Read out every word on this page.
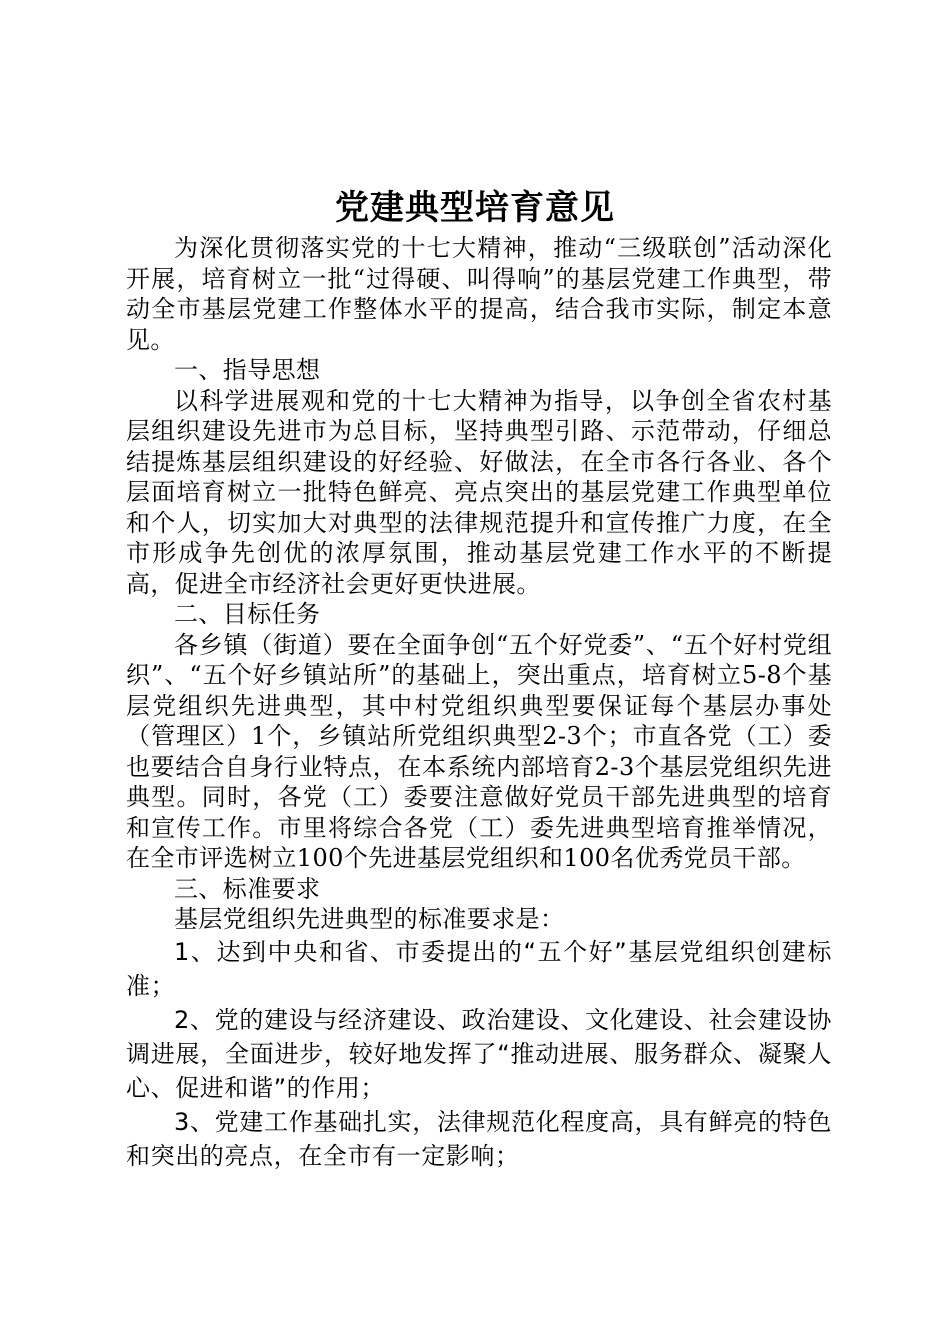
党建典型培育意见

为深化贯彻落实党的十七大精神，推动“三级联创”活动深化开展，培育树立一批“过得硬、叫得响”的基层党建工作典型，带动全市基层党建工作整体水平的提高，结合我市实际，制定本意见。

一、指导思想

以科学进展观和党的十七大精神为指导，以争创全省农村基层组织建设先进市为总目标，坚持典型引路、示范带动，仔细总结提炼基层组织建设的好经验、好做法，在全市各行各业、各个层面培育树立一批特色鲜亮、亮点突出的基层党建工作典型单位和个人，切实加大对典型的法律规范提升和宣传推广力度，在全市形成争先创优的浓厚氛围，推动基层党建工作水平的不断提高，促进全市经济社会更好更快进展。

二、目标任务

各乡镇（街道）要在全面争创“五个好党委”、“五个好村党组织”、“五个好乡镇站所”的基础上，突出重点，培育树立5-8个基层党组织先进典型，其中村党组织典型要保证每个基层办事处（管理区）1个，乡镇站所党组织典型2-3个；市直各党（工）委也要结合自身行业特点，在本系统内部培育2-3个基层党组织先进典型。同时，各党（工）委要注意做好党员干部先进典型的培育和宣传工作。市里将综合各党（工）委先进典型培育推举情况，在全市评选树立100个先进基层党组织和100名优秀党员干部。

三、标准要求

基层党组织先进典型的标准要求是：

1、达到中央和省、市委提出的“五个好”基层党组织创建标准；

2、党的建设与经济建设、政治建设、文化建设、社会建设协调进展，全面进步，较好地发挥了“推动进展、服务群众、凝聚人心、促进和谐”的作用；

3、党建工作基础扎实，法律规范化程度高，具有鲜亮的特色和突出的亮点，在全市有一定影响；
